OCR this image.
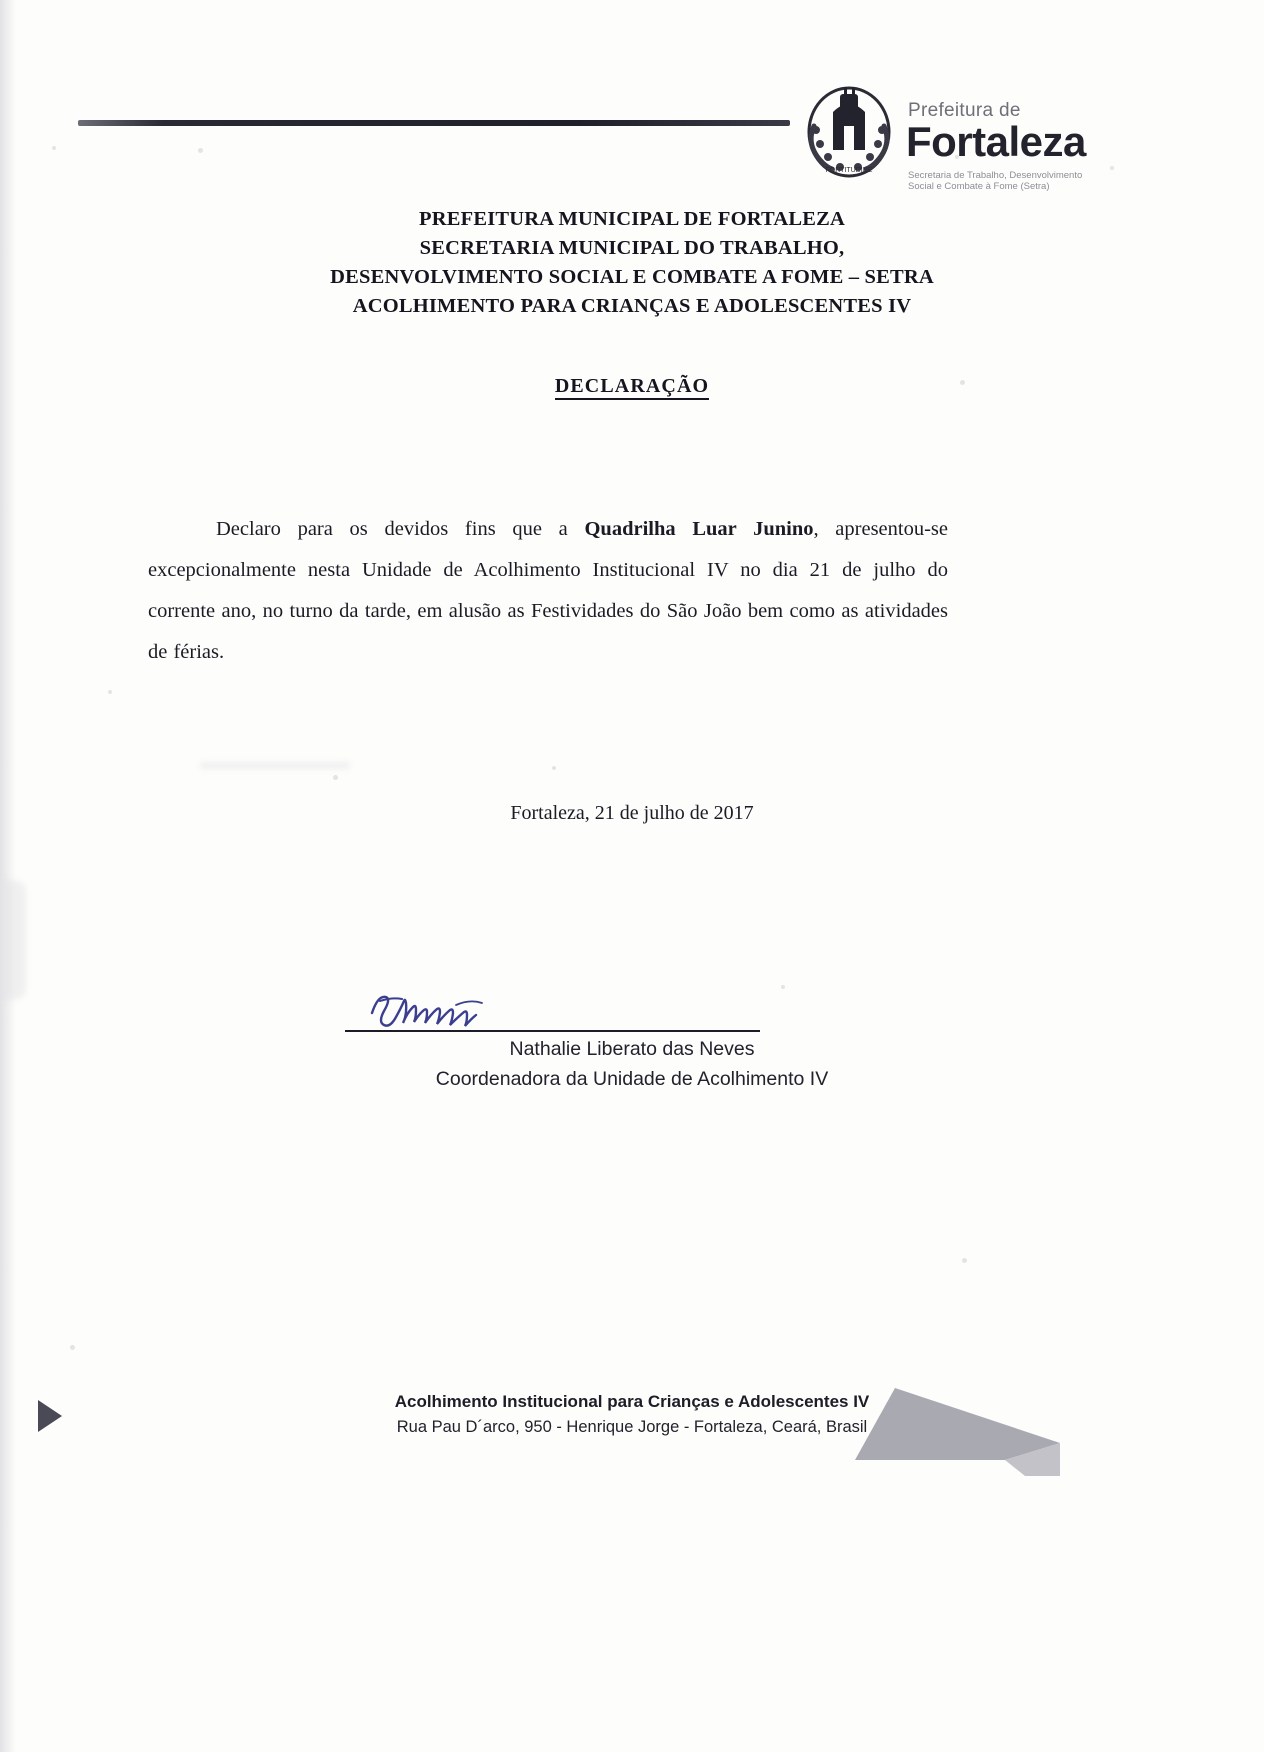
FORTITUDINE
Prefeitura de
Fortaleza
Secretaria de Trabalho, Desenvolvimento Social e Combate à Fome (Setra)
PREFEITURA MUNICIPAL DE FORTALEZA
SECRETARIA MUNICIPAL DO TRABALHO,
DESENVOLVIMENTO SOCIAL E COMBATE A FOME – SETRA
ACOLHIMENTO PARA CRIANÇAS E ADOLESCENTES IV
DECLARAÇÃO

Declaro para os devidos fins que a Quadrilha Luar Junino, apresentou-se excepcionalmente nesta Unidade de Acolhimento Institucional IV no dia 21 de julho do corrente ano, no turno da tarde, em alusão as Festividades do São João bem como as atividades de férias.

Fortaleza, 21 de julho de 2017
Nathalie Liberato das Neves
Coordenadora da Unidade de Acolhimento IV
Acolhimento Institucional para Crianças e Adolescentes IV
Rua Pau D´arco, 950 - Henrique Jorge - Fortaleza, Ceará, Brasil
